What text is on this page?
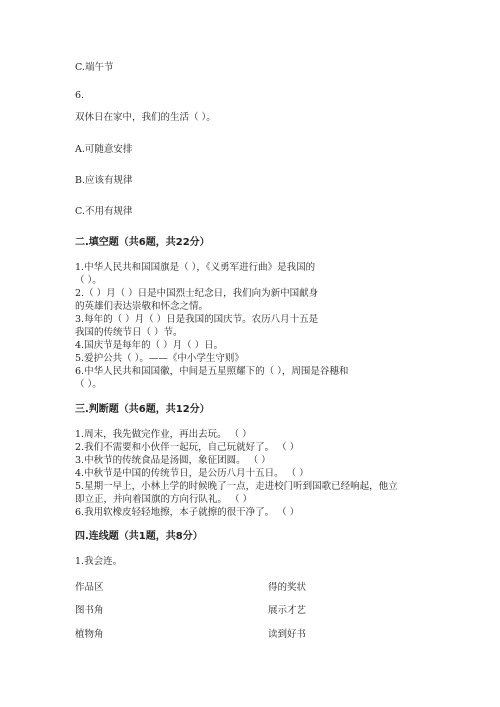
C.端午节
6.
双休日在家中，我们的生活（ ）。
A.可随意安排
B.应该有规律
C.不用有规律
二.填空题（共6题，共22分）
1.中华人民共和国国旗是（ ），《义勇军进行曲》是我国的
（ ）。
2.（ ）月（ ）日是中国烈士纪念日，我们向为新中国献身
的英雄们表达崇敬和怀念之情。
3.每年的（ ）月（ ）日是我国的国庆节。农历八月十五是
我国的传统节日（ ）节。
4.国庆节是每年的（ ）月（ ）日。
5.爱护公共（ ）。——《中小学生守则》
6.中华人民共和国国徽，中间是五星照耀下的（ ），周围是谷穗和
（ ）。
三.判断题（共6题，共12分）
1.周末，我先做完作业，再出去玩。 （ ）
2.我们不需要和小伙伴一起玩，自己玩就好了。 （ ）
3.中秋节的传统食品是汤圆，象征团圆。 （ ）
4.中秋节是中国的传统节日，是公历八月十五日。 （ ）
5.星期一早上，小林上学的时候晚了一点，走进校门听到国歌已经响起，他立
即立正，并向着国旗的方向行队礼。 （ ）
6.我用软橡皮轻轻地擦，本子就擦的很干净了。 （ ）
四.连线题（共1题，共8分）
1.我会连。
作品区	得的奖状
图书角	展示才艺
植物角	读到好书
